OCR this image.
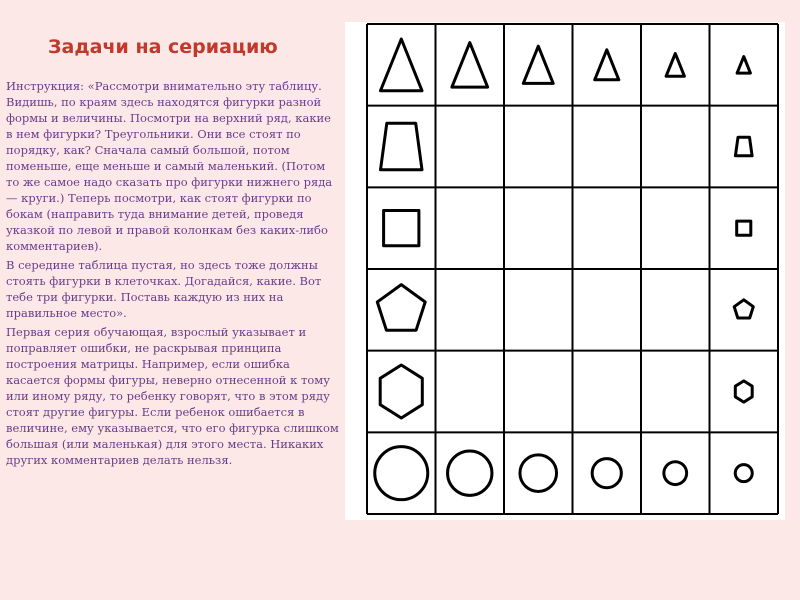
Задачи на сериацию

Инструкция: «Рассмотри внимательно эту таблицу. Видишь, по краям здесь находятся фигурки разной формы и величины. Посмотри на верхний ряд, какие в нем фигурки? Треугольники. Они все стоят по порядку, как? Сначала самый большой, потом поменьше, еще меньше и самый маленький. (Потом то же самое надо сказать про фигурки нижнего ряда — круги.) Теперь посмотри, как стоят фигурки по бокам (направить туда внимание детей, проведя указкой по левой и правой колонкам без каких-либо комментариев).

В середине таблица пустая, но здесь тоже должны стоять фигурки в клеточках. Догадайся, какие. Вот тебе три фигурки. Поставь каждую из них на правильное место».

Первая серия обучающая, взрослый указывает и поправляет ошибки, не раскрывая принципа построения матрицы. Например, если ошибка касается формы фигуры, неверно отнесенной к тому или иному ряду, то ребенку говорят, что в этом ряду стоят другие фигуры. Если ребенок ошибается в величине, ему указывается, что его фигурка слишком большая (или маленькая) для этого места. Никаких других комментариев делать нельзя.
